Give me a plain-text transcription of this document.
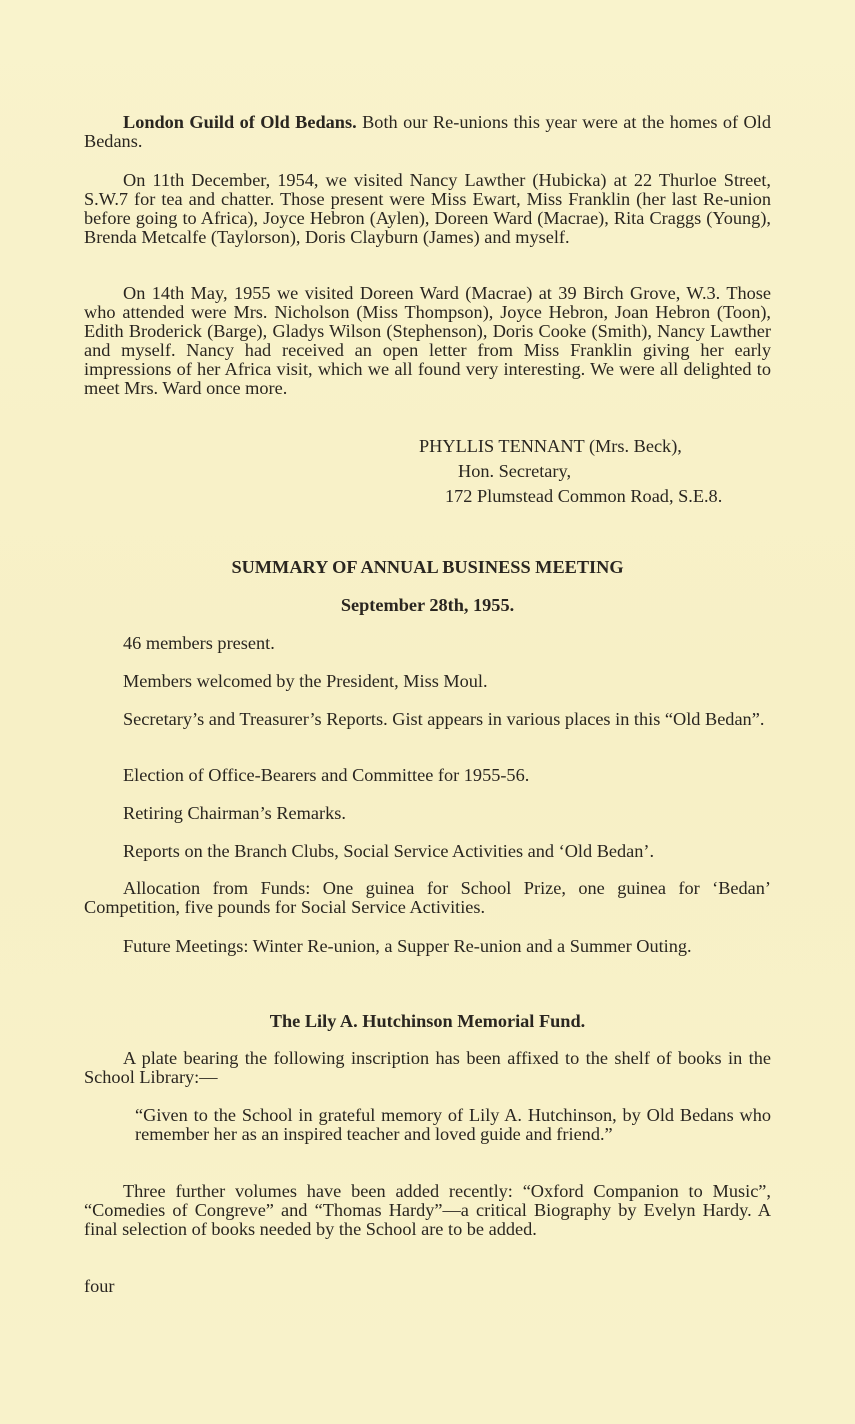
London Guild of Old Bedans. Both our Re-unions this year were at the homes of Old Bedans.

On 11th December, 1954, we visited Nancy Lawther (Hubicka) at 22 Thurloe Street, S.W.7 for tea and chatter. Those present were Miss Ewart, Miss Franklin (her last Re-union before going to Africa), Joyce Hebron (Aylen), Doreen Ward (Macrae), Rita Craggs (Young), Brenda Metcalfe (Taylorson), Doris Clayburn (James) and myself.

On 14th May, 1955 we visited Doreen Ward (Macrae) at 39 Birch Grove, W.3. Those who attended were Mrs. Nicholson (Miss Thompson), Joyce Hebron, Joan Hebron (Toon), Edith Broderick (Barge), Gladys Wilson (Stephenson), Doris Cooke (Smith), Nancy Lawther and myself. Nancy had received an open letter from Miss Franklin giving her early impressions of her Africa visit, which we all found very interesting. We were all delighted to meet Mrs. Ward once more.

PHYLLIS TENNANT (Mrs. Beck),
Hon. Secretary,
172 Plumstead Common Road, S.E.8.
SUMMARY OF ANNUAL BUSINESS MEETING
September 28th, 1955.

46 members present.

Members welcomed by the President, Miss Moul.

Secretary’s and Treasurer’s Reports. Gist appears in various places in this “Old Bedan”.

Election of Office-Bearers and Committee for 1955-56.

Retiring Chairman’s Remarks.

Reports on the Branch Clubs, Social Service Activities and ‘Old Bedan’.

Allocation from Funds: One guinea for School Prize, one guinea for ‘Bedan’ Competition, five pounds for Social Service Activities.

Future Meetings: Winter Re-union, a Supper Re-union and a Summer Outing.

The Lily A. Hutchinson Memorial Fund.

A plate bearing the following inscription has been affixed to the shelf of books in the School Library:—

“Given to the School in grateful memory of Lily A. Hutchinson, by Old Bedans who remember her as an inspired teacher and loved guide and friend.”

Three further volumes have been added recently: “Oxford Companion to Music”, “Comedies of Congreve” and “Thomas Hardy”—a critical Biography by Evelyn Hardy. A final selection of books needed by the School are to be added.

four
